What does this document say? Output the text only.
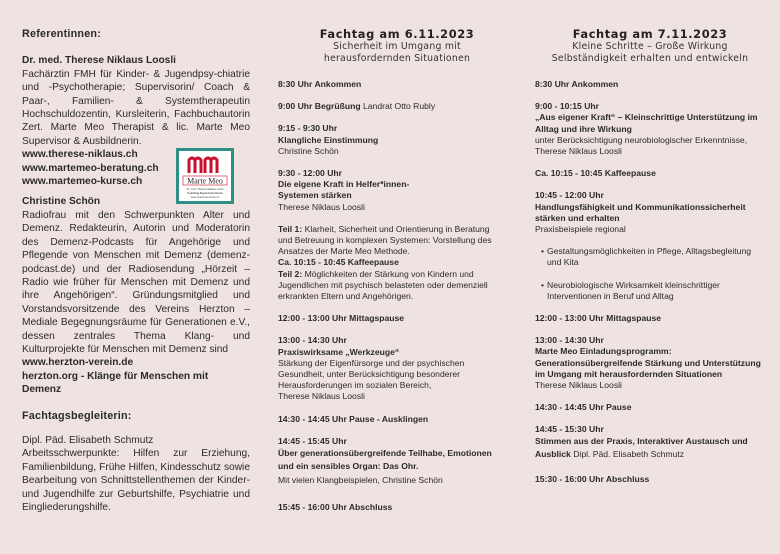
Referentinnen:

Dr. med. Therese Niklaus Loosli

Fachärztin FMH für Kinder- & Jugendpsy-chiatrie und -Psychotherapie; Supervisorin/ Coach & Paar-, Familien- & Systemtherapeutin Hochschuldozentin, Kursleiterin, Fachbuchautorin Zert. Marte Meo Therapist & lic. Marte Meo Supervisor & Ausbildnerin.

www.therese-niklaus.ch

www.martemeo-beratung.ch

www.martemeo-kurse.ch

Christine Schön

Radiofrau mit den Schwerpunkten Alter und Demenz. Redakteurin, Autorin und Moderatorin des Demenz-Podcasts für Angehörige und Pflegende von Menschen mit Demenz (demenz-podcast.de) und der Radiosendung „Hörzeit – Radio wie früher für Menschen mit Demenz und ihre Angehörigen“. Gründungsmitglied und Vorstandsvorsitzende des Vereins Herzton – Mediale Begegnungsräume für Generationen e.V., dessen zentrales Thema Klang- und Kulturprojekte für Menschen mit Demenz sind

www.herzton-verein.de

herzton.org - Klänge für Menschen mit Demenz

Fachtagsbegleiterin:

Dipl. Päd. Elisabeth Schmutz

Arbeitsschwerpunkte: Hilfen zur Erziehung, Familienbildung, Frühe Hilfen, Kindesschutz sowie Bearbeitung von Schnittstellenthemen der Kinder- und Jugendhilfe zur Geburtshilfe, Psychiatrie und Eingliederungshilfe.

Marte Meo
Dr. med. Therese Niklaus Loosli
Coaching Supervision Kurse
www.martemeo-kurse.ch
Fachtag am 6.11.2023
Sicherheit im Umgang mit
herausfordernden Situationen

8:30 Uhr Ankommen

9:00 Uhr Begrüßung Landrat Otto Rubly

9:15 - 9:30 Uhr

Klangliche Einstimmung

Christine Schön

9:30 - 12:00 Uhr

Die eigene Kraft in Helfer*innen-

Systemen stärken

Therese Niklaus Loosli

Teil 1: Klarheit, Sicherheit und Orientierung in Beratung und Betreuung in komplexen Systemen: Vorstellung des Ansatzes der Marte Meo Methode.

Ca. 10:15 - 10:45 Kaffeepause

Teil 2: Möglichkeiten der Stärkung von Kindern und Jugendlichen mit psychisch belasteten oder demenziell erkrankten Eltern und Angehörigen.

12:00 - 13:00 Uhr Mittagspause

13:00 - 14:30 Uhr

Praxiswirksame „Werkzeuge“

Stärkung der Eigenfürsorge und der psychischen Gesundheit, unter Berücksichtigung besonderer Herausforderungen im sozialen Bereich,

Therese Niklaus Loosli

14:30 - 14:45 Uhr Pause - Ausklingen

14:45 - 15:45 Uhr

Über generationsübergreifende Teilhabe, Emotionen und ein sensibles Organ: Das Ohr.

Mit vielen Klangbeispielen, Christine Schön

15:45 - 16:00 Uhr Abschluss

Fachtag am 7.11.2023
Kleine Schritte – Große Wirkung
Selbständigkeit erhalten und entwickeln

8:30 Uhr Ankommen

9:00 - 10:15 Uhr

„Aus eigener Kraft“ – Kleinschrittige Unterstützung im Alltag und ihre Wirkung

unter Berücksichtigung neurobiologischer Erkenntnisse,

Therese Niklaus Loosli

Ca. 10:15 - 10:45 Kaffeepause

10:45 - 12:00 Uhr

Handlungsfähigkeit und Kommunikationssicherheit stärken und erhalten

Praxisbeispiele regional

• Gestaltungsmöglichkeiten in Pflege, Alltagsbegleitung und Kita

• Neurobiologische Wirksamkeit kleinschrittiger Interventionen in Beruf und Alltag

12:00 - 13:00 Uhr Mittagspause

13:00 - 14:30 Uhr

Marte Meo Einladungsprogramm: Generationsübergreifende Stärkung und Unterstützung im Umgang mit herausfordernden Situationen

Therese Niklaus Loosli

14:30 - 14:45 Uhr Pause

14:45 - 15:30 Uhr

Stimmen aus der Praxis, Interaktiver Austausch und

Ausblick Dipl. Päd. Elisabeth Schmutz

15:30 - 16:00 Uhr Abschluss
